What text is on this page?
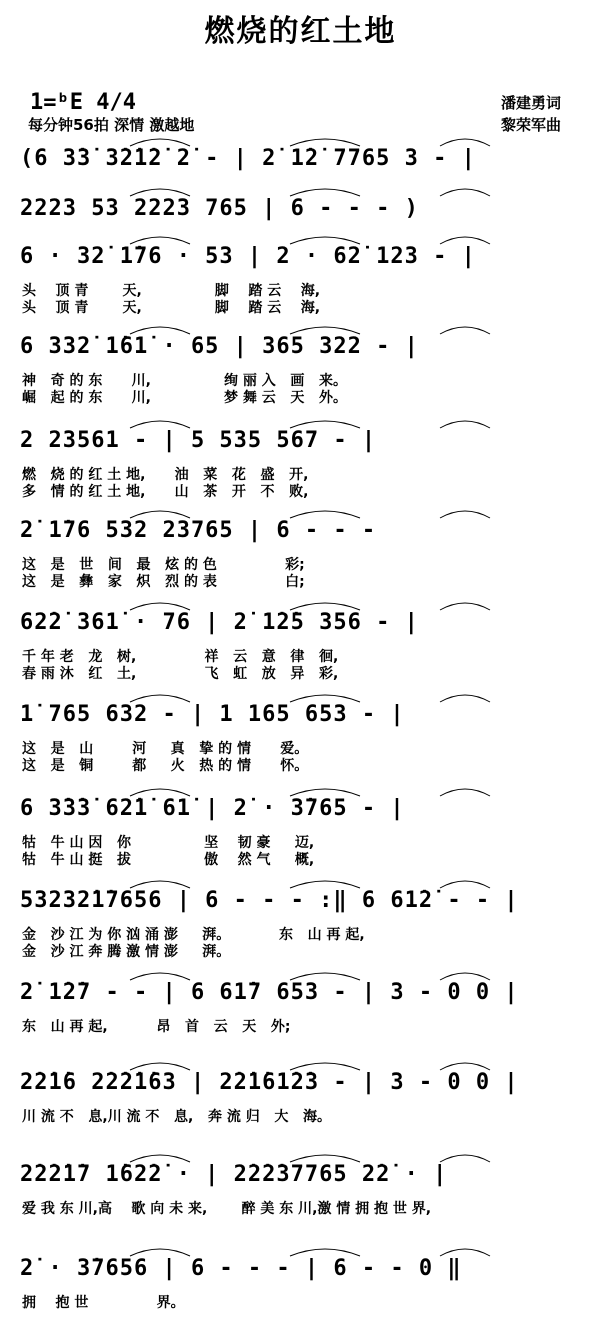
燃烧的红土地
1=ᵇE 4/4
每分钟56拍 深情 激越地
潘建勇词
黎荣军曲
(6 3̇3̇ 3̇2̇1̇2̇ 2̇ - | 2̇ 1̇2̇ 7765 3 - |
2223 53 2223 765 | 6 - - - )
6 · 32̇ 1̇76 · 53 | 2 · 62̇ 123 - |
头    顶 青       天,               脚    踏 云    海,
头    顶 青       天,               脚    踏 云    海,
6 332̇ 1̇61̇ · 65 | 365 322 - |
神   奇 的 东      川,               绚 丽 入   画   来。
崛   起 的 东      川,               梦 舞 云   天   外。
2 23561 - | 5 535 567 - |
燃   烧 的 红 土 地,      油   菜   花   盛   开,
多   情 的 红 土 地,      山   茶   开   不   败,
2̇ 1̇76 532 23765 | 6 - - -
这   是   世   间   最   炫 的 色              彩;
这   是   彝   家   炽   烈 的 表              白;
62̇2̇ 361̇ · 76 | 2̇ 1̇2̇5 356 - |
千 年 老   龙   树,              祥   云   意   律   徊,
春 雨 沐   红   土,              飞   虹   放   异   彩,
1̇ 765 632 - | 1 165 653 - |
这   是   山        河     真   挚 的 情      爱。
这   是   铜        都     火   热 的 情      怀。
6 3̇3̇3̇ 62̇1̇ 61̇ | 2̇ · 3̇765 - |
牯   牛 山 因   你               坚    韧 豪     迈,
牯   牛 山 挺   拔               傲    然 气     概,
53232̇1̇7656 | 6 - - - :‖ 6 61̇2̇ - - |
金   沙 江 为 你 汹 涌 澎     湃。          东   山 再 起,
金   沙 江 奔 腾 激 情 澎     湃。
2̇ 1̇2̇7 - - | 6 61̇7 653 - | 3 - 0 0 |
东   山 再 起,          昂   首   云   天   外;
2̇2̇1̇6 2̇2̇2̇1̇63 | 2̇2̇1̇61̇2̇3 - | 3 - 0 0 |
川 流 不   息,川 流 不   息,   奔 流 归   大   海。
2̇2̇2̇1̇7 1̇62̇2̇ · | 2̇2̇2̇37765 2̇2̇ · |
爱 我 东 川,高    歌 向 未 来,       醉 美 东 川,激 情 拥 抱 世 界,
2̇ · 3̇7656 | 6 - - - | 6 - - 0 ‖
拥    抱 世              界。
